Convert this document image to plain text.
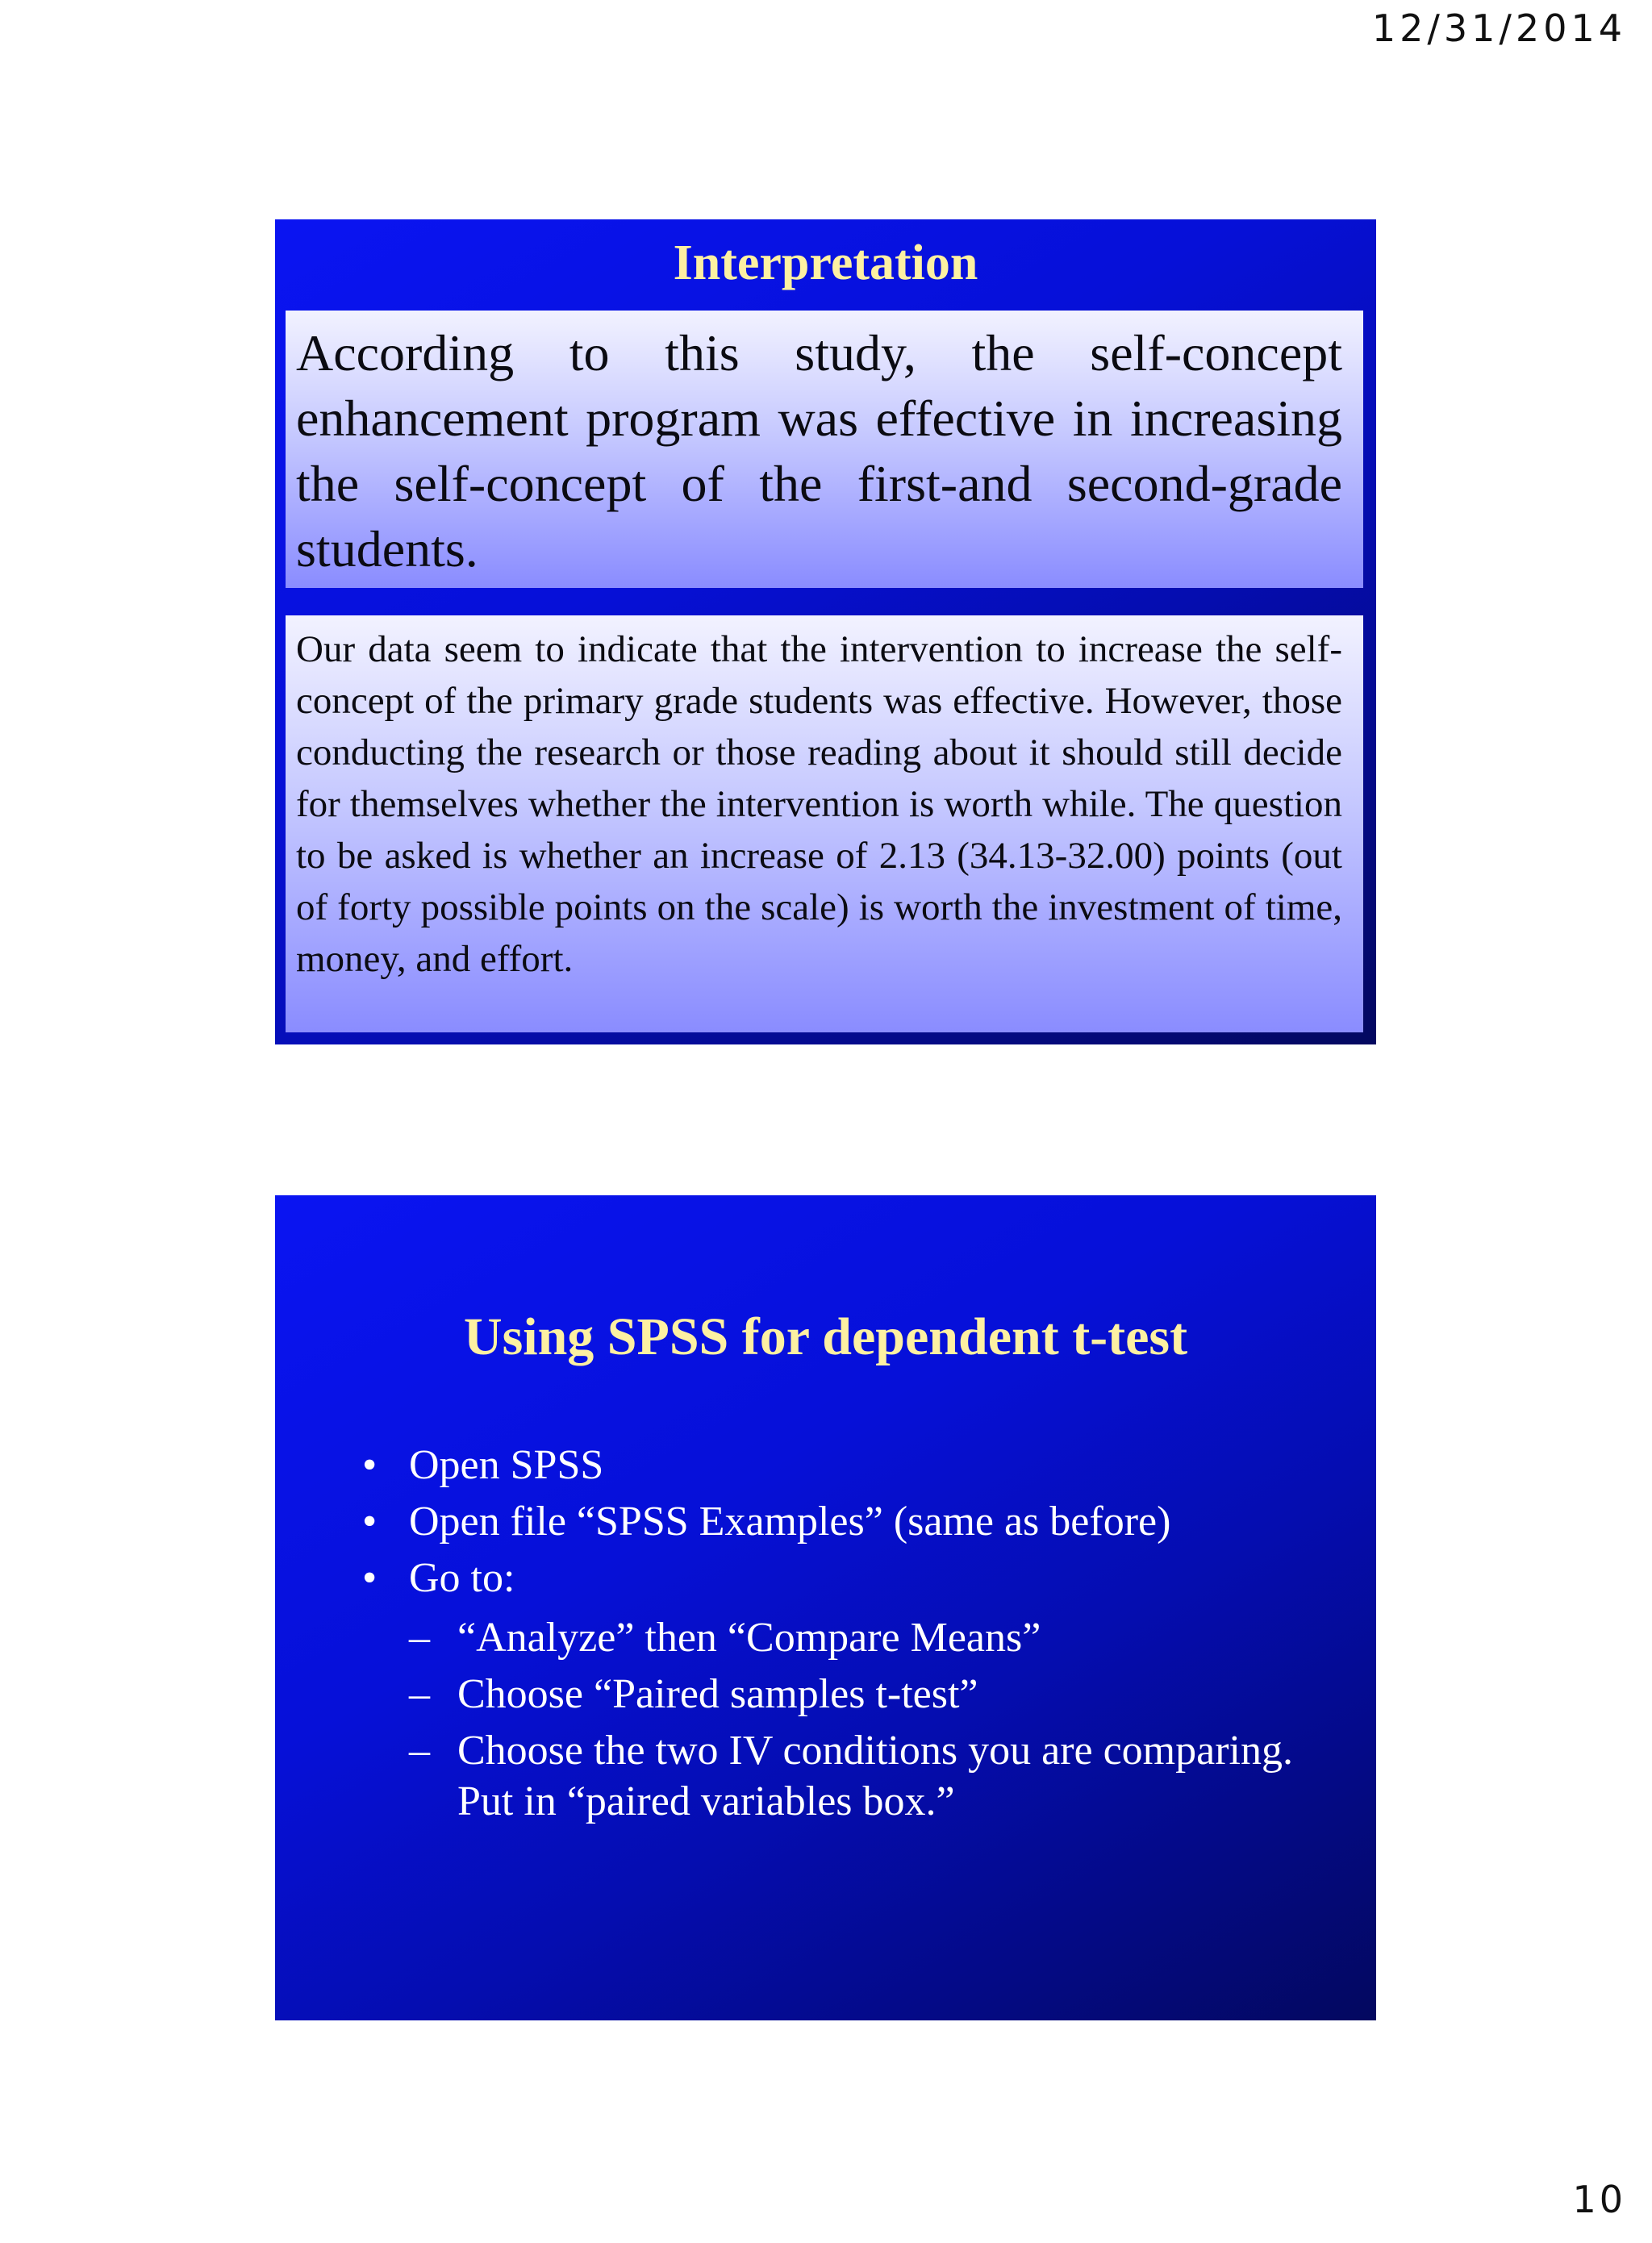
12/31/2014
Interpretation
According to this study, the self-concept enhancement program was effective in increasing the self-concept of the first-and second-grade students.
Our data seem to indicate that the intervention to increase the self-concept of the primary grade students was effective. However, those conducting the research or those reading about it should still decide for themselves whether the intervention is worth while. The question to be asked is whether an increase of 2.13 (34.13-32.00) points (out of forty possible points on the scale) is worth the investment of time, money, and effort.
Using SPSS for dependent t-test
• Open SPSS
• Open file “SPSS Examples” (same as before)
• Go to:
– “Analyze” then “Compare Means”
– Choose “Paired samples t-test”
– Choose the two IV conditions you are comparing. Put in “paired variables box.”
10
